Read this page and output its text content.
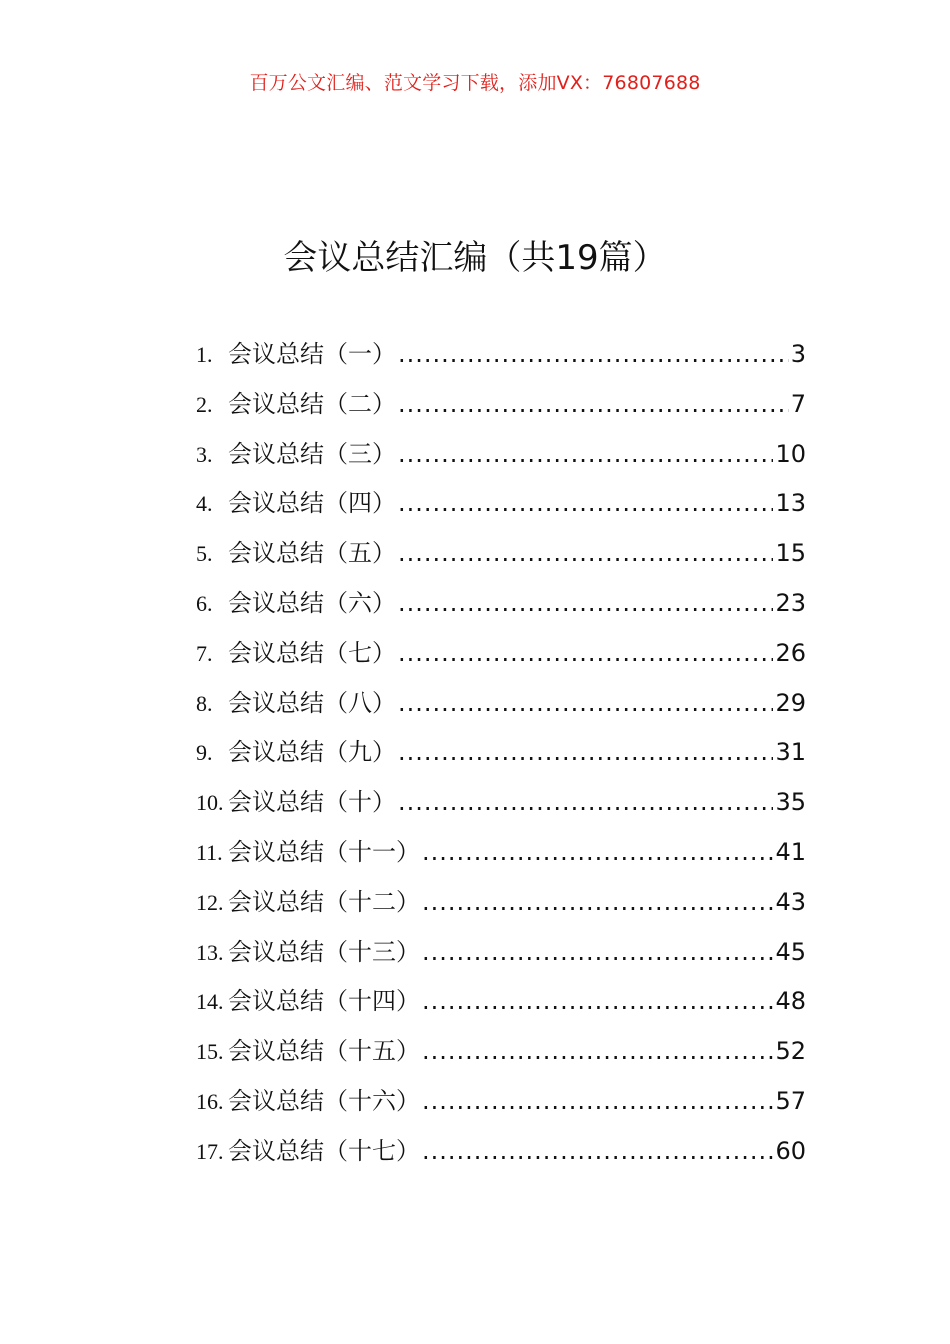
百万公文汇编、范文学习下载，添加VX：76807688
会议总结汇编（共19篇）
1. 会议总结（一） .....	3
2. 会议总结（二） .....	7
3. 会议总结（三） .....	10
4. 会议总结（四） .....	13
5. 会议总结（五） .....	15
6. 会议总结（六） .....	23
7. 会议总结（七） .....	26
8. 会议总结（八） .....	29
9. 会议总结（九） .....	31
10. 会议总结（十） .....	35
11. 会议总结（十一） .....	41
12. 会议总结（十二） .....	43
13. 会议总结（十三） .....	45
14. 会议总结（十四） .....	48
15. 会议总结（十五） .....	52
16. 会议总结（十六） .....	57
17. 会议总结（十七） .....	60
